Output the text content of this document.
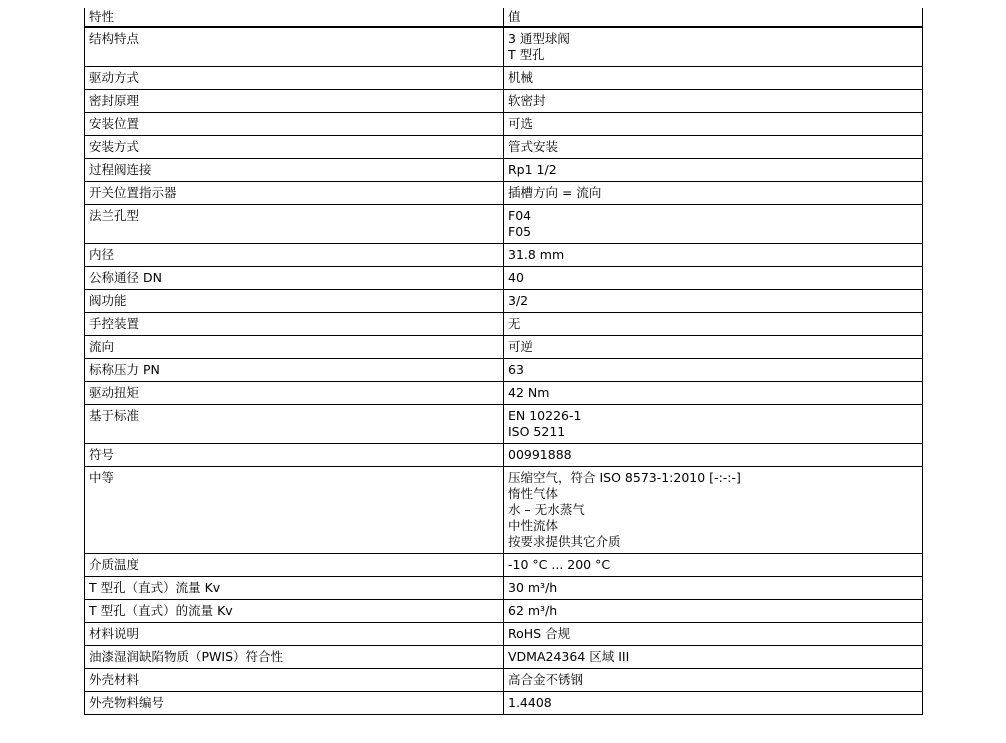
特性	值
结构特点	3 通型球阀
T 型孔

驱动方式	机械

密封原理	软密封

安装位置	可选

安装方式	管式安装

过程阀连接	Rp1 1/2

开关位置指示器	插槽方向 = 流向

法兰孔型	F04
F05

内径	31.8 mm

公称通径 DN	40

阀功能	3/2

手控装置	无

流向	可逆

标称压力 PN	63

驱动扭矩	42 Nm

基于标准	EN 10226-1
ISO 5211

符号	00991888

中等	压缩空气，符合 ISO 8573-1:2010 [-:-:-]
惰性气体
水 – 无水蒸气
中性流体
按要求提供其它介质

介质温度	-10 °C ... 200 °C

T 型孔（直式）流量 Kv	30 m³/h

T 型孔（直式）的流量 Kv	62 m³/h

材料说明	RoHS 合规

油漆湿润缺陷物质（PWIS）符合性	VDMA24364 区域 III

外壳材料	高合金不锈钢

外壳物料编号	1.4408
